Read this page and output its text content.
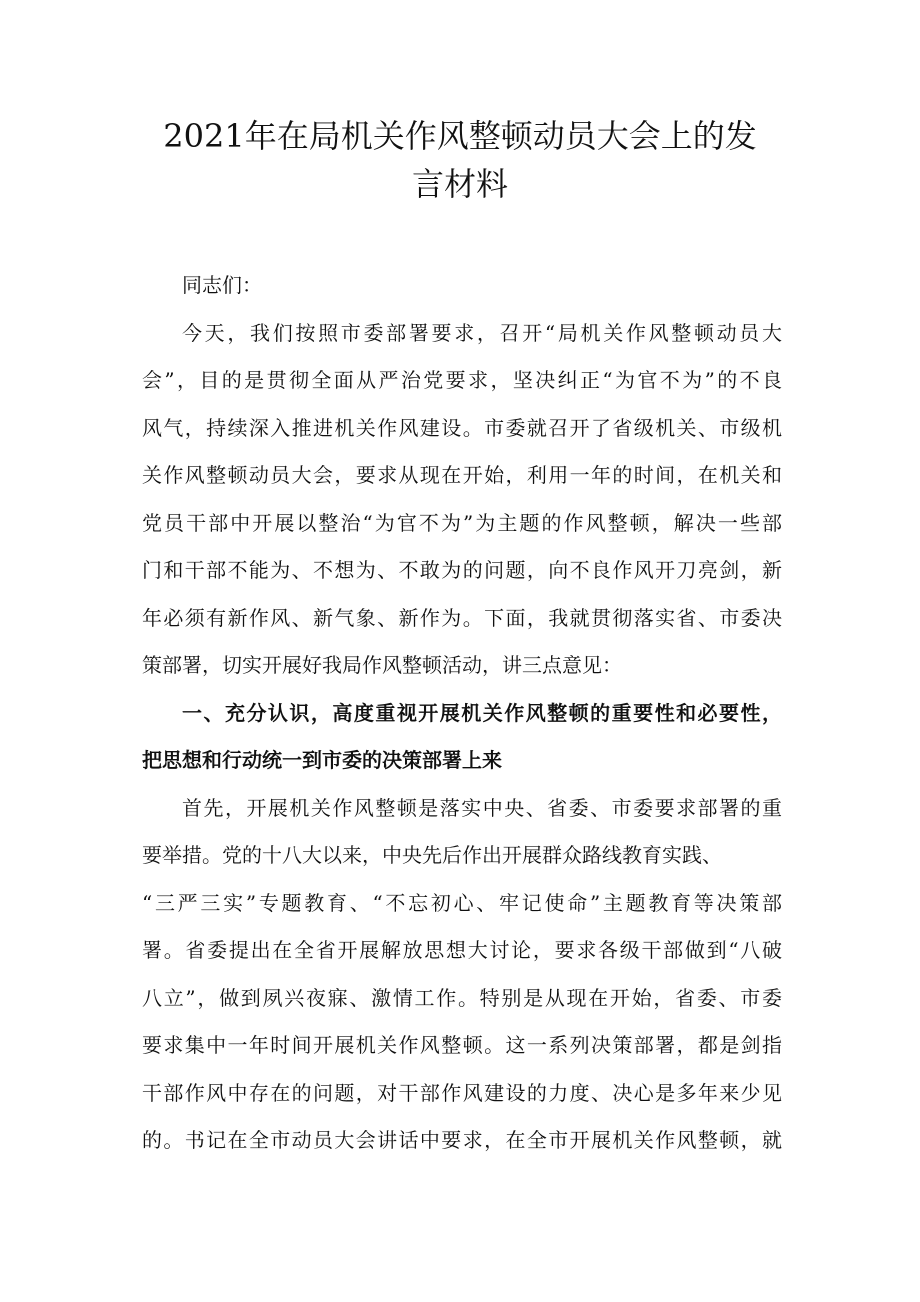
2021年在局机关作风整顿动员大会上的发
言材料
同志们：
今天，我们按照市委部署要求，召开“局机关作风整顿动员大
会”，目的是贯彻全面从严治党要求，坚决纠正“为官不为”的不良
风气，持续深入推进机关作风建设。市委就召开了省级机关、市级机
关作风整顿动员大会，要求从现在开始，利用一年的时间，在机关和
党员干部中开展以整治“为官不为”为主题的作风整顿，解决一些部
门和干部不能为、不想为、不敢为的问题，向不良作风开刀亮剑，新
年必须有新作风、新气象、新作为。下面，我就贯彻落实省、市委决
策部署，切实开展好我局作风整顿活动，讲三点意见：
一、充分认识，高度重视开展机关作风整顿的重要性和必要性，
把思想和行动统一到市委的决策部署上来
首先，开展机关作风整顿是落实中央、省委、市委要求部署的重
要举措。党的十八大以来，中央先后作出开展群众路线教育实践、
“三严三实”专题教育、“不忘初心、牢记使命”主题教育等决策部
署。省委提出在全省开展解放思想大讨论，要求各级干部做到“八破
八立”，做到夙兴夜寐、激情工作。特别是从现在开始，省委、市委
要求集中一年时间开展机关作风整顿。这一系列决策部署，都是剑指
干部作风中存在的问题，对干部作风建设的力度、决心是多年来少见
的。书记在全市动员大会讲话中要求，在全市开展机关作风整顿，就
